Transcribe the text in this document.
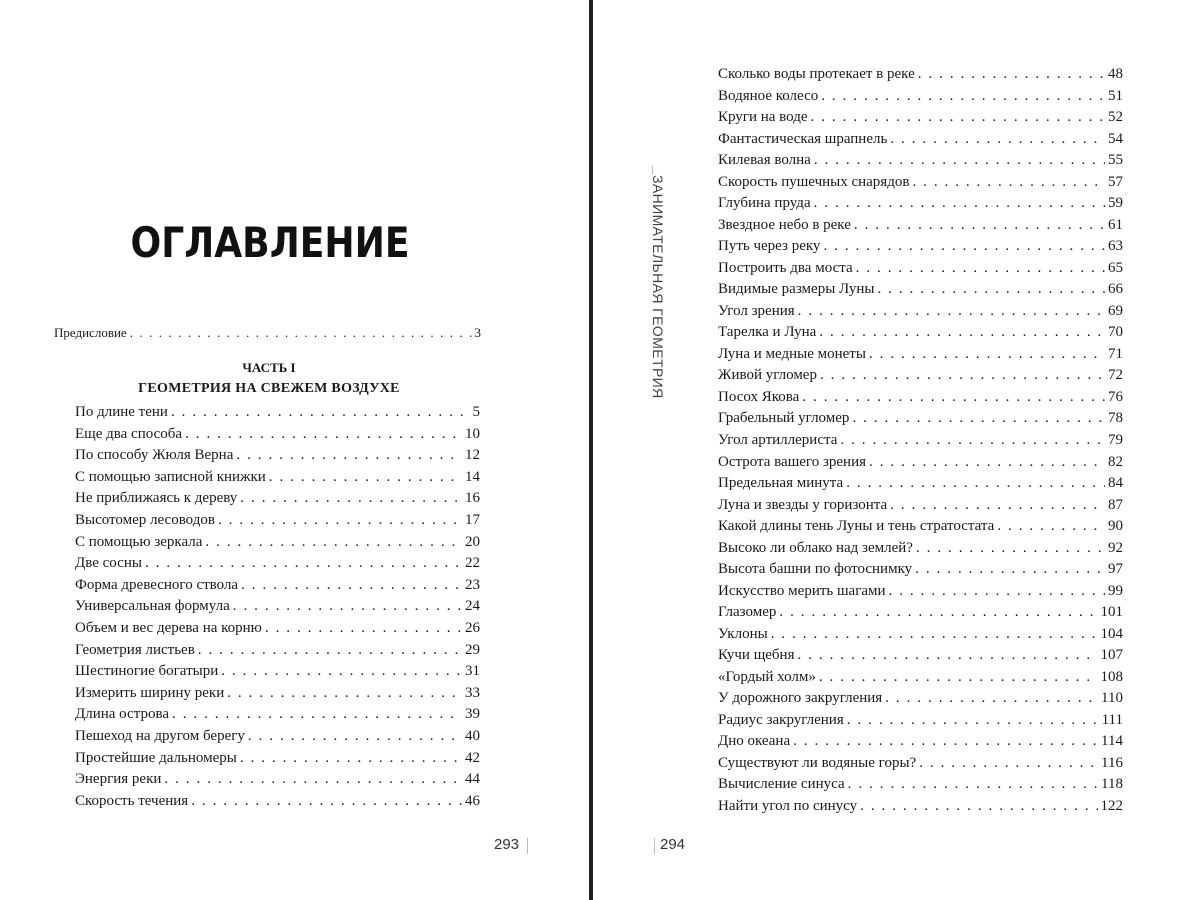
ОГЛАВЛЕНИЕ
Предисловие . . .	3
ЧАСТЬ I
ГЕОМЕТРИЯ НА СВЕЖЕМ ВОЗДУХЕ
По длине тени . . .	5
Еще два способа . . .	10
По способу Жюля Верна . . .	12
С помощью записной книжки . . .	14
Не приближаясь к дереву . . .	16
Высотомер лесоводов . . .	17
С помощью зеркала . . .	20
Две сосны . . .	22
Форма древесного ствола . . .	23
Универсальная формула . . .	24
Объем и вес дерева на корню . . .	26
Геометрия листьев . . .	29
Шестиногие богатыри . . .	31
Измерить ширину реки . . .	33
Длина острова . . .	39
Пешеход на другом берегу . . .	40
Простейшие дальномеры . . .	42
Энергия реки . . .	44
Скорость течения . . .	46
293
ЗАНИМАТЕЛЬНАЯ ГЕОМЕТРИЯ
Сколько воды протекает в реке . . .	48
Водяное колесо . . .	51
Круги на воде . . .	52
Фантастическая шрапнель . . .	54
Килевая волна . . .	55
Скорость пушечных снарядов . . .	57
Глубина пруда . . .	59
Звездное небо в реке . . .	61
Путь через реку . . .	63
Построить два моста . . .	65
Видимые размеры Луны . . .	66
Угол зрения . . .	69
Тарелка и Луна . . .	70
Луна и медные монеты . . .	71
Живой угломер . . .	72
Посох Якова . . .	76
Грабельный угломер . . .	78
Угол артиллериста . . .	79
Острота вашего зрения . . .	82
Предельная минута . . .	84
Луна и звезды у горизонта . . .	87
Какой длины тень Луны и тень стратостата . . .	90
Высоко ли облако над землей? . . .	92
Высота башни по фотоснимку . . .	97
Искусство мерить шагами . . .	99
Глазомер . . .	101
Уклоны . . .	104
Кучи щебня . . .	107
«Гордый холм» . . .	108
У дорожного закругления . . .	110
Радиус закругления . . .	111
Дно океана . . .	114
Существуют ли водяные горы? . . .	116
Вычисление синуса . . .	118
Найти угол по синусу . . .	122
294
